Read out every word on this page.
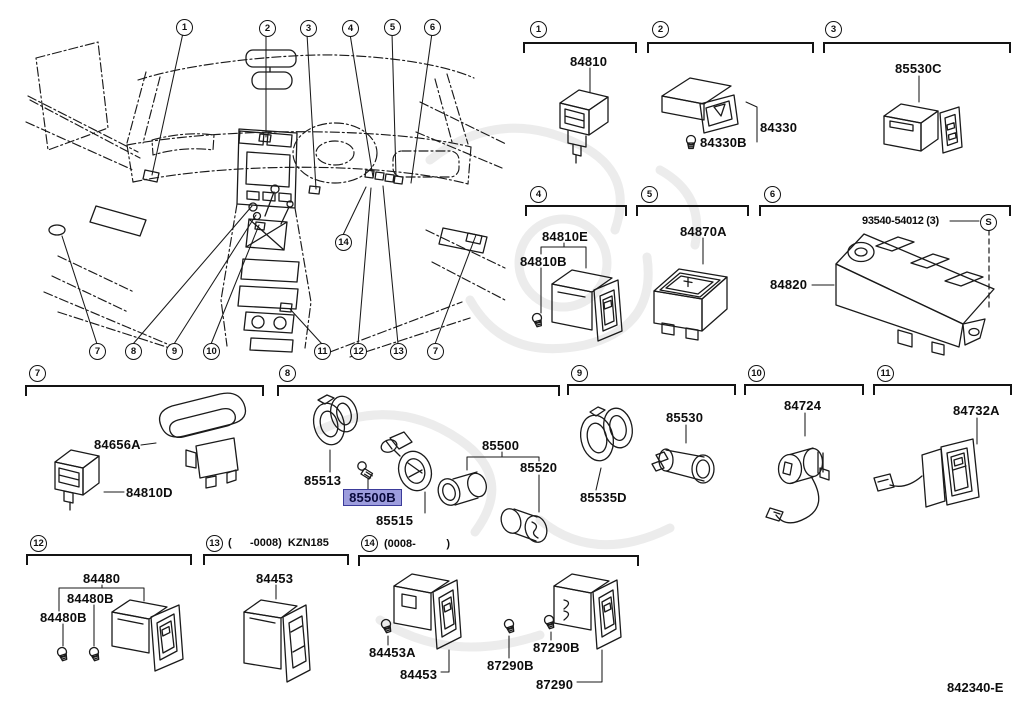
1	2	3	4	5	6
7	8	9	10	11	12	13	7
14
1	2	3
4	5	6
7	8	9	10	11
12	13	14
S
(      -0008)  KZN185	(0008-          )
84810
84330
84330B
85530C
84810E
84810B
84870A
93540-54012 (3)
84820
84656A
84810D
85513
85500B
85515
85500
85520
85530
85535D
84724	84732A
84480
84480B
84480B
84453
84453A
84453
87290B
87290B
87290	842340-E
